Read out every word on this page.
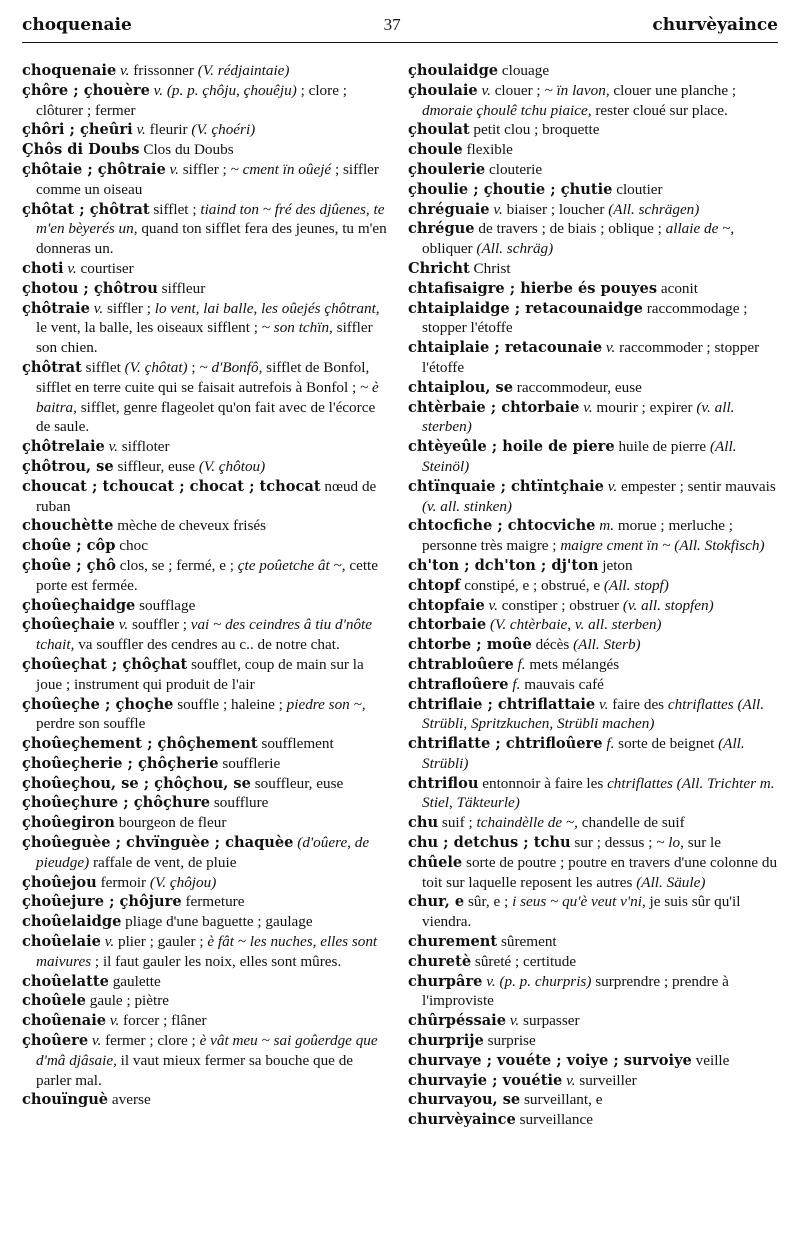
choquenaie	37	churvèyaince

choquenaie v. frissonner (V. rédjaintaie)

çhôre ; çhouère v. (p. p. çhôju, çhouêju) ; clore ; clôturer ; fermer

çhôri ; çheûri v. fleurir (V. çhoéri)

Çhôs di Doubs Clos du Doubs

çhôtaie ; çhôtraie v. siffler ; ~ cment ïn oûejé ; siffler comme un oiseau

çhôtat ; çhôtrat sifflet ; tiaind ton ~ fré des djûenes, te m'en bèyerés un, quand ton sifflet fera des jeunes, tu m'en donneras un.

choti v. courtiser

çhotou ; çhôtrou siffleur

çhôtraie v. siffler ; lo vent, lai balle, les oûejés çhôtrant, le vent, la balle, les oiseaux sifflent ; ~ son tchïn, siffler son chien.

çhôtrat sifflet (V. çhôtat) ; ~ d'Bonfô, sifflet de Bonfol, sifflet en terre cuite qui se faisait autrefois à Bonfol ; ~ è baitra, sifflet, genre flageolet qu'on fait avec de l'écorce de saule.

çhôtrelaie v. siffloter

çhôtrou, se siffleur, euse (V. çhôtou)

choucat ; tchoucat ; chocat ; tchocat nœud de ruban

chouchètte mèche de cheveux frisés

choûe ; côp choc

çhoûe ; çhô clos, se ; fermé, e ; çte poûetche ât ~, cette porte est fermée.

çhoûeçhaidge soufflage

çhoûeçhaie v. souffler ; vai ~ des ceindres â tiu d'nôte tchait, va souffler des cendres au c.. de notre chat.

çhoûeçhat ; çhôçhat soufflet, coup de main sur la joue ; instrument qui produit de l'air

çhoûeçhe ; çhoçhe souffle ; haleine ; piedre son ~, perdre son souffle

çhoûeçhement ; çhôçhement soufflement

çhoûeçherie ; çhôçherie soufflerie

çhoûeçhou, se ; çhôçhou, se souffleur, euse

çhoûeçhure ; çhôçhure soufflure

çhoûegiron bourgeon de fleur

çhoûeguèe ; chvïnguèe ; chaquèe (d'oûere, de pieudge) raffale de vent, de pluie

çhoûejou fermoir (V. çhôjou)

çhoûejure ; çhôjure fermeture

choûelaidge pliage d'une baguette ; gaulage

choûelaie v. plier ; gauler ; è fât ~ les nuches, elles sont maivures ; il faut gauler les noix, elles sont mûres.

choûelatte gaulette

choûele gaule ; piètre

choûenaie v. forcer ; flâner

çhoûere v. fermer ; clore ; è vât meu ~ sai goûerdge que d'mâ djâsaie, il vaut mieux fermer sa bouche que de parler mal.

chouïnguè averse

çhoulaidge clouage

çhoulaie v. clouer ; ~ ïn lavon, clouer une planche ; dmoraie çhoulê tchu piaice, rester cloué sur place.

çhoulat petit clou ; broquette

choule flexible

çhoulerie clouterie

çhoulie ; çhoutie ; çhutie cloutier

chréguaie v. biaiser ; loucher (All. schrägen)

chrégue de travers ; de biais ; oblique ; allaie de ~, obliquer (All. schräg)

Chricht Christ

chtafisaigre ; hierbe és pouyes aconit

chtaiplaidge ; retacounaidge raccommodage ; stopper l'étoffe

chtaiplaie ; retacounaie v. raccommoder ; stopper l'étoffe

chtaiplou, se raccommodeur, euse

chtèrbaie ; chtorbaie v. mourir ; expirer (v. all. sterben)

chtèyeûle ; hoile de piere huile de pierre (All. Steinöl)

chtïnquaie ; chtïntçhaie v. empester ; sentir mauvais (v. all. stinken)

chtocfiche ; chtocviche m. morue ; merluche ; personne très maigre ; maigre cment ïn ~ (All. Stokfisch)

ch'ton ; dch'ton ; dj'ton jeton

chtopf constipé, e ; obstrué, e (All. stopf)

chtopfaie v. constiper ; obstruer (v. all. stopfen)

chtorbaie (V. chtèrbaie, v. all. sterben)

chtorbe ; moûe décès (All. Sterb)

chtrabloûere f. mets mélangés

chtrafloûere f. mauvais café

chtriflaie ; chtriflattaie v. faire des chtriflattes (All. Strübli, Spritzkuchen, Strübli machen)

chtriflatte ; chtrifloûere f. sorte de beignet (All. Strübli)

chtriflou entonnoir à faire les chtriflattes (All. Trichter m. Stiel, Täkteurle)

chu suif ; tchaindèlle de ~, chandelle de suif

chu ; detchus ; tchu sur ; dessus ; ~ lo, sur le

chûele sorte de poutre ; poutre en travers d'une colonne du toit sur laquelle reposent les autres (All. Säule)

chur, e sûr, e ; i seus ~ qu'è veut v'ni, je suis sûr qu'il viendra.

churement sûrement

churetè sûreté ; certitude

churpâre v. (p. p. churpris) surprendre ; prendre à l'improviste

chûrpéssaie v. surpasser

churprije surprise

churvaye ; vouéte ; voiye ; survoiye veille

churvayie ; vouétie v. surveiller

churvayou, se surveillant, e

churvèyaince surveillance
